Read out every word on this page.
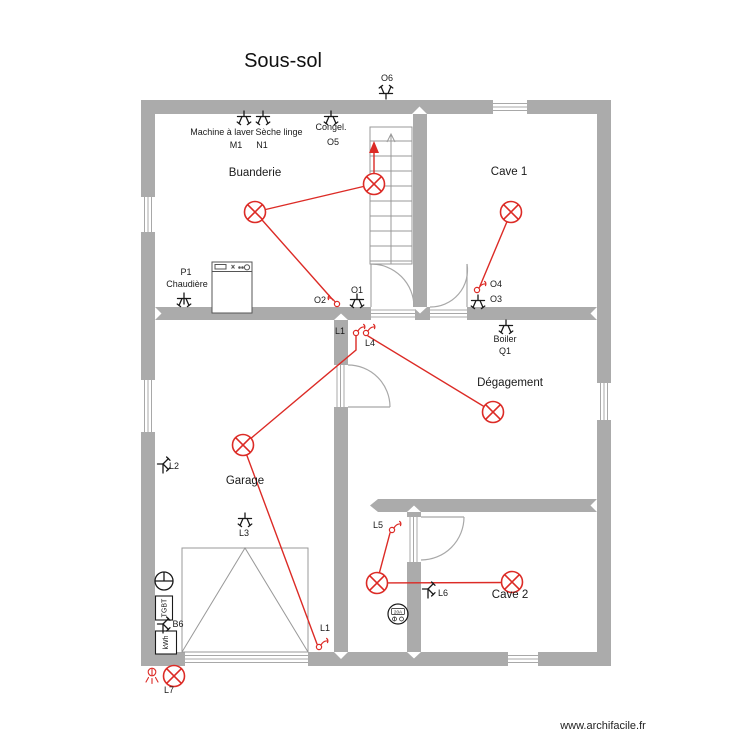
TGBT
kWh
20A
Sous-sol
Machine à laver
M1
Sèche linge
N1
Congel.
O5
O6
Buanderie	Cave 1
Garage
Dégagement
Cave 2
P1
Chaudière
O2
O1
O4
O3
Boiler
Q1
L1
L4
L2
L3
L5
L6
B6	L1
L7
www.archifacile.fr
